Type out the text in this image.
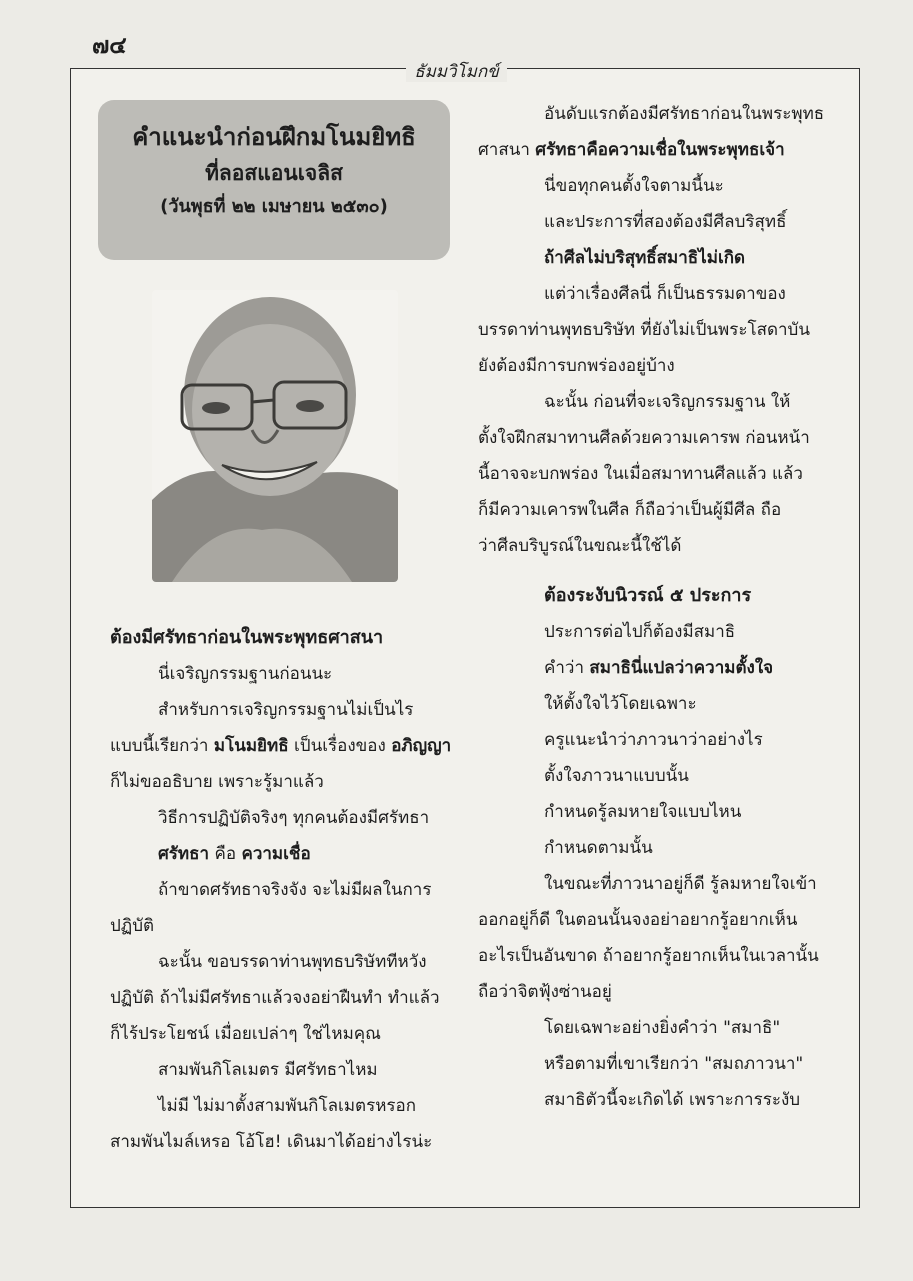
๗๔
ธัมมวิโมกข์
คำแนะนำก่อนฝึกมโนมยิทธิ
ที่ลอสแอนเจลิส
(วันพุธที่ ๒๒ เมษายน ๒๕๓๐)

ต้องมีศรัทธาก่อนในพระพุทธศาสนา

นี่เจริญกรรมฐานก่อนนะ

สำหรับการเจริญกรรมฐานไม่เป็นไร

แบบนี้เรียกว่า มโนมยิทธิ เป็นเรื่องของ อภิญญา

ก็ไม่ขออธิบาย เพราะรู้มาแล้ว

วิธีการปฏิบัติจริงๆ ทุกคนต้องมีศรัทธา

ศรัทธา คือ ความเชื่อ

ถ้าขาดศรัทธาจริงจัง จะไม่มีผลในการ

ปฏิบัติ

ฉะนั้น ขอบรรดาท่านพุทธบริษัททีหวัง

ปฏิบัติ ถ้าไม่มีศรัทธาแล้วจงอย่าฝืนทำ ทำแล้ว

ก็ไร้ประโยชน์ เมื่อยเปล่าๆ ใช่ไหมคุณ

สามพันกิโลเมตร มีศรัทธาไหม

ไม่มี ไม่มาตั้งสามพันกิโลเมตรหรอก

สามพันไมล์เหรอ โอ้โฮ! เดินมาได้อย่างไรน่ะ

อันดับแรกต้องมีศรัทธาก่อนในพระพุทธ

ศาสนา ศรัทธาคือความเชื่อในพระพุทธเจ้า

นี่ขอทุกคนตั้งใจตามนี้นะ

และประการที่สองต้องมีศีลบริสุทธิ์

ถ้าศีลไม่บริสุทธิ์สมาธิไม่เกิด

แต่ว่าเรื่องศีลนี่ ก็เป็นธรรมดาของ

บรรดาท่านพุทธบริษัท ที่ยังไม่เป็นพระโสดาบัน

ยังต้องมีการบกพร่องอยู่บ้าง

ฉะนั้น ก่อนที่จะเจริญกรรมฐาน ให้

ตั้งใจฝึกสมาทานศีลด้วยความเคารพ ก่อนหน้า

นี้อาจจะบกพร่อง ในเมื่อสมาทานศีลแล้ว แล้ว

ก็มีความเคารพในศีล ก็ถือว่าเป็นผู้มีศีล ถือ

ว่าศีลบริบูรณ์ในขณะนี้ใช้ได้

ต้องระงับนิวรณ์ ๕ ประการ

ประการต่อไปก็ต้องมีสมาธิ

คำว่า สมาธินี่แปลว่าความตั้งใจ

ให้ตั้งใจไว้โดยเฉพาะ

ครูแนะนำว่าภาวนาว่าอย่างไร

ตั้งใจภาวนาแบบนั้น

กำหนดรู้ลมหายใจแบบไหน

กำหนดตามนั้น

ในขณะที่ภาวนาอยู่ก็ดี รู้ลมหายใจเข้า

ออกอยู่ก็ดี ในตอนนั้นจงอย่าอยากรู้อยากเห็น

อะไรเป็นอันขาด ถ้าอยากรู้อยากเห็นในเวลานั้น

ถือว่าจิตฟุ้งซ่านอยู่

โดยเฉพาะอย่างยิ่งคำว่า "สมาธิ"

หรือตามที่เขาเรียกว่า "สมถภาวนา"

สมาธิตัวนี้จะเกิดได้ เพราะการระงับ
